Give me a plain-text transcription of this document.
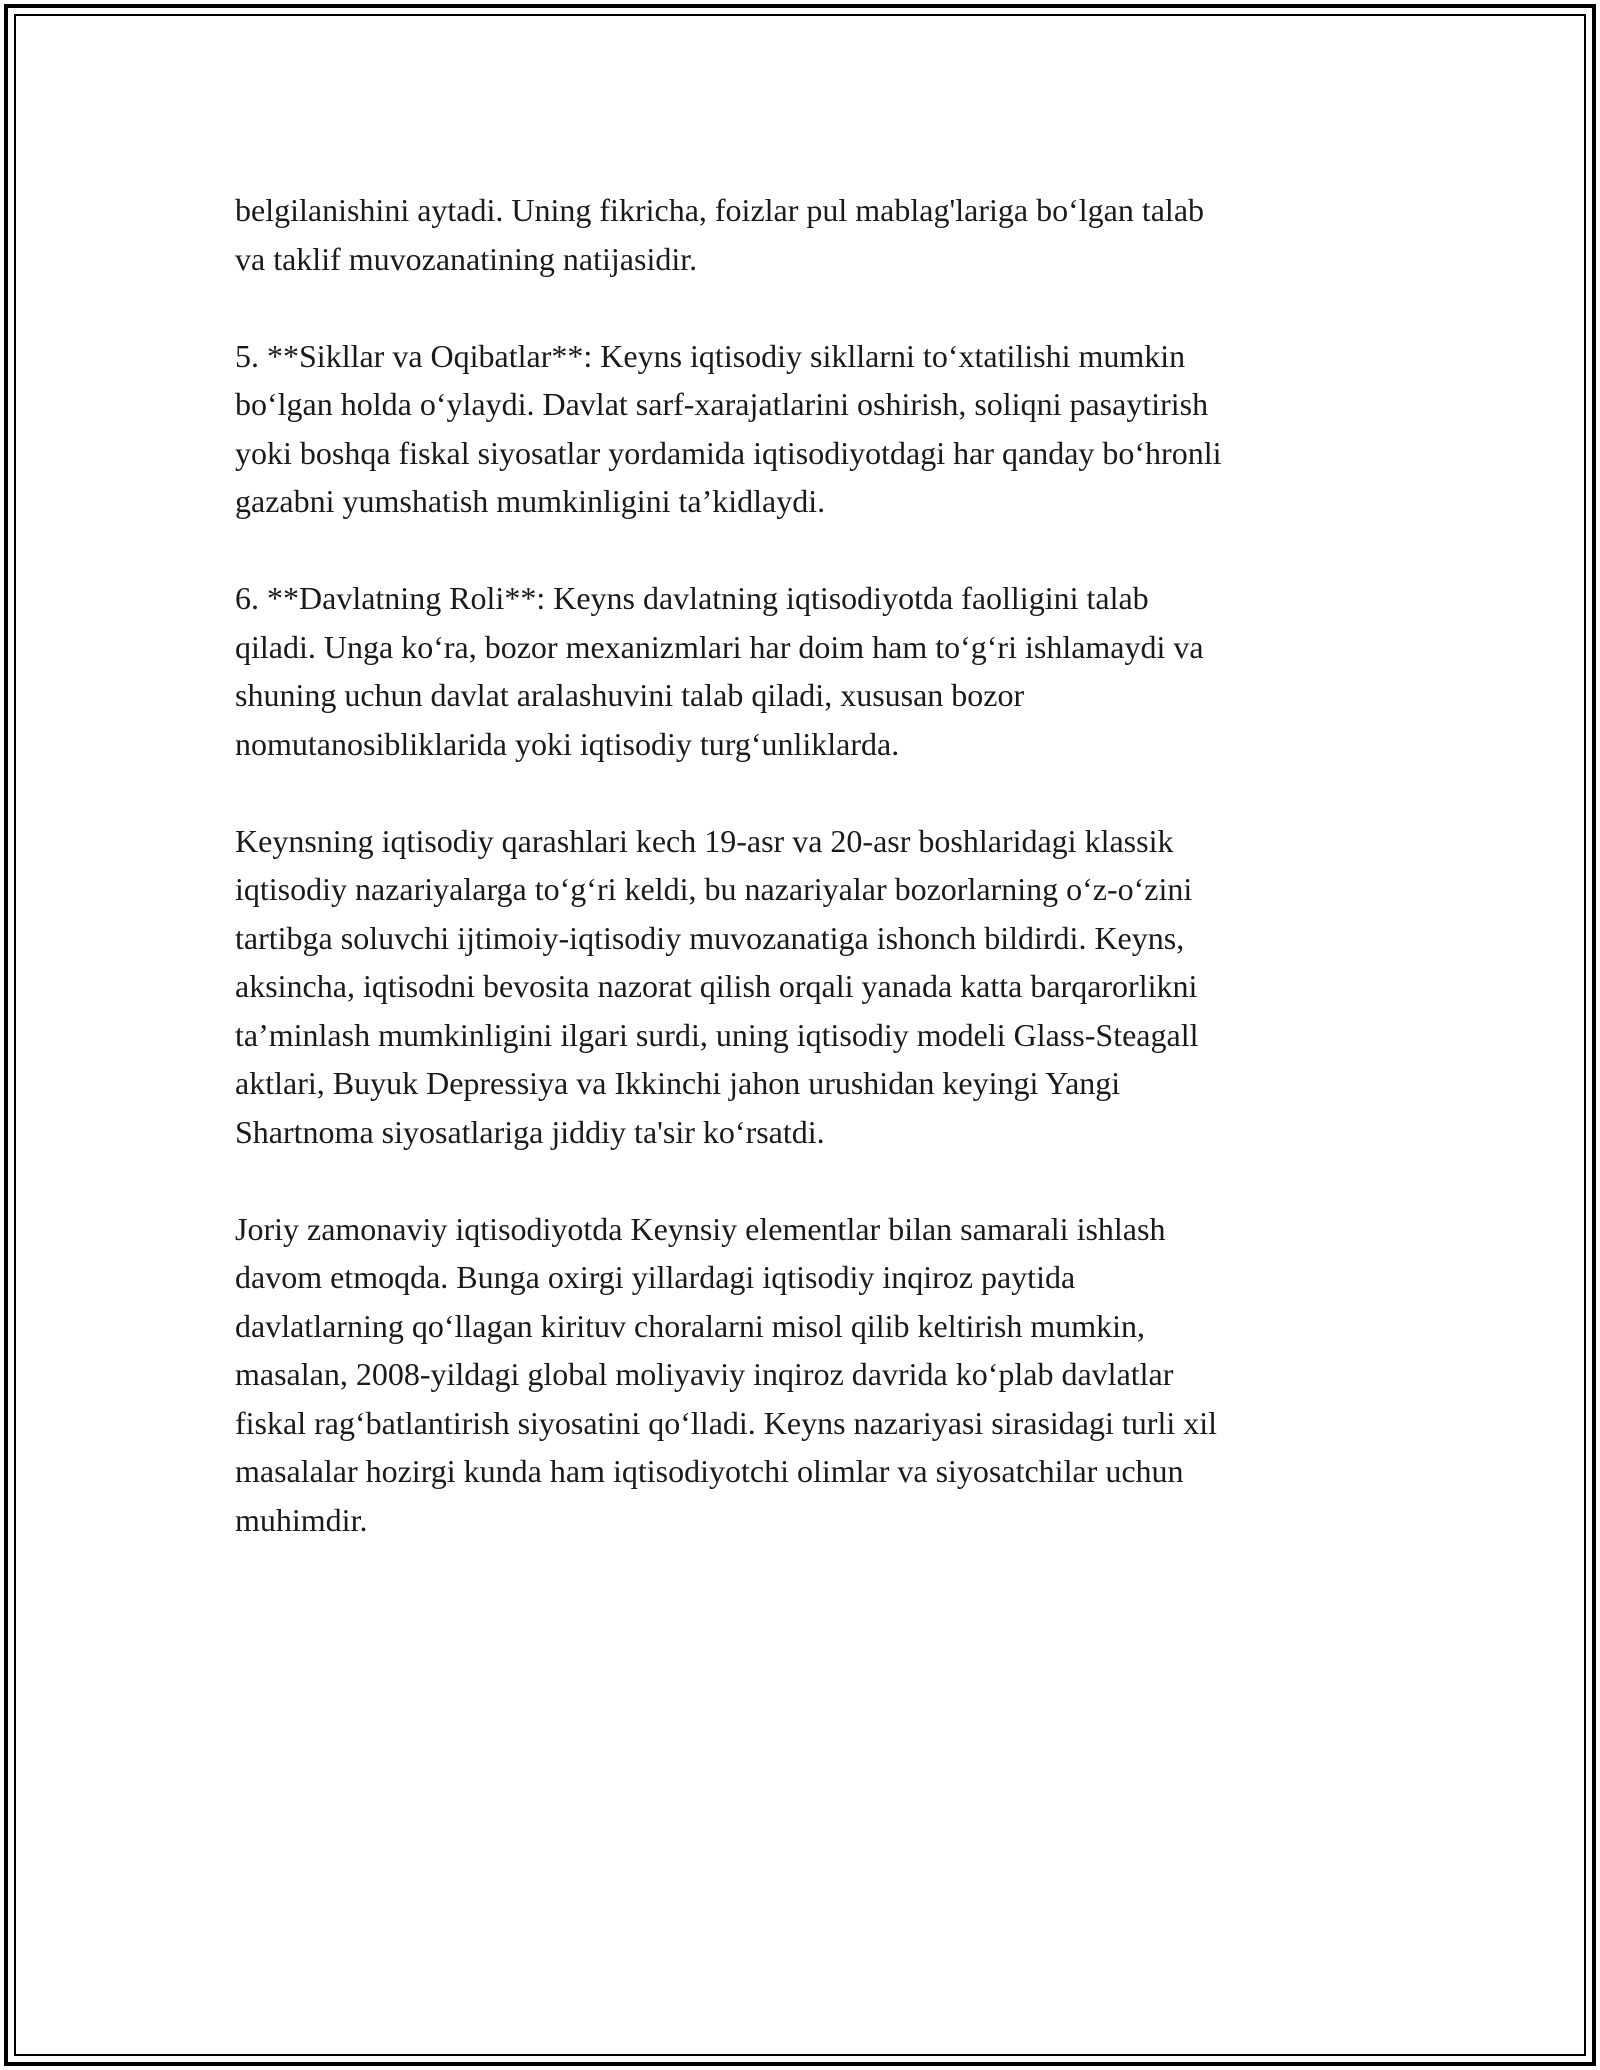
belgilanishini aytadi. Uning fikricha, foizlar pul mablag'lariga bo‘lgan talab
va taklif muvozanatining natijasidir.

5. **Sikllar va Oqibatlar**: Keyns iqtisodiy sikllarni to‘xtatilishi mumkin
bo‘lgan holda o‘ylaydi. Davlat sarf-xarajatlarini oshirish, soliqni pasaytirish
yoki boshqa fiskal siyosatlar yordamida iqtisodiyotdagi har qanday bo‘hronli
gazabni yumshatish mumkinligini ta’kidlaydi.

6. **Davlatning Roli**: Keyns davlatning iqtisodiyotda faolligini talab
qiladi. Unga ko‘ra, bozor mexanizmlari har doim ham to‘g‘ri ishlamaydi va
shuning uchun davlat aralashuvini talab qiladi, xususan bozor
nomutanosibliklarida yoki iqtisodiy turg‘unliklarda.

Keynsning iqtisodiy qarashlari kech 19-asr va 20-asr boshlaridagi klassik
iqtisodiy nazariyalarga to‘g‘ri keldi, bu nazariyalar bozorlarning o‘z-o‘zini
tartibga soluvchi ijtimoiy-iqtisodiy muvozanatiga ishonch bildirdi. Keyns,
aksincha, iqtisodni bevosita nazorat qilish orqali yanada katta barqarorlikni
ta’minlash mumkinligini ilgari surdi, uning iqtisodiy modeli Glass-Steagall
aktlari, Buyuk Depressiya va Ikkinchi jahon urushidan keyingi Yangi
Shartnoma siyosatlariga jiddiy ta'sir ko‘rsatdi.

Joriy zamonaviy iqtisodiyotda Keynsiy elementlar bilan samarali ishlash
davom etmoqda. Bunga oxirgi yillardagi iqtisodiy inqiroz paytida
davlatlarning qo‘llagan kirituv choralarni misol qilib keltirish mumkin,
masalan, 2008-yildagi global moliyaviy inqiroz davrida ko‘plab davlatlar
fiskal rag‘batlantirish siyosatini qo‘lladi. Keyns nazariyasi sirasidagi turli xil
masalalar hozirgi kunda ham iqtisodiyotchi olimlar va siyosatchilar uchun
muhimdir.
